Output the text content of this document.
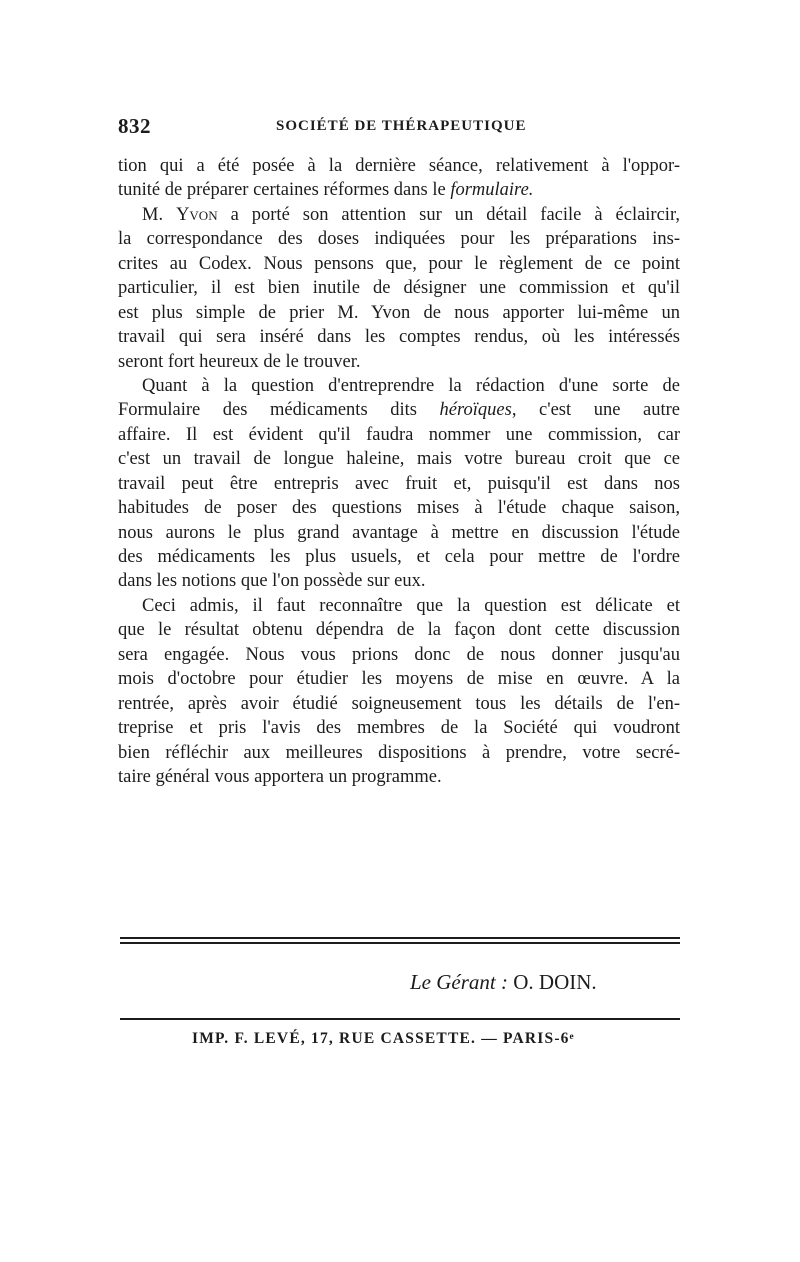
832	SOCIÉTÉ DE THÉRAPEUTIQUE
tion qui a été posée à la dernière séance, relativement à l'oppor-
tunité de préparer certaines réformes dans le formulaire.
M. Yvon a porté son attention sur un détail facile à éclaircir,
la correspondance des doses indiquées pour les préparations ins-
crites au Codex. Nous pensons que, pour le règlement de ce point
particulier, il est bien inutile de désigner une commission et qu'il
est plus simple de prier M. Yvon de nous apporter lui-même un
travail qui sera inséré dans les comptes rendus, où les intéressés
seront fort heureux de le trouver.
Quant à la question d'entreprendre la rédaction d'une sorte de
Formulaire des médicaments dits héroïques, c'est une autre
affaire. Il est évident qu'il faudra nommer une commission, car
c'est un travail de longue haleine, mais votre bureau croit que ce
travail peut être entrepris avec fruit et, puisqu'il est dans nos
habitudes de poser des questions mises à l'étude chaque saison,
nous aurons le plus grand avantage à mettre en discussion l'étude
des médicaments les plus usuels, et cela pour mettre de l'ordre
dans les notions que l'on possède sur eux.
Ceci admis, il faut reconnaître que la question est délicate et
que le résultat obtenu dépendra de la façon dont cette discussion
sera engagée. Nous vous prions donc de nous donner jusqu'au
mois d'octobre pour étudier les moyens de mise en œuvre. A la
rentrée, après avoir étudié soigneusement tous les détails de l'en-
treprise et pris l'avis des membres de la Société qui voudront
bien réfléchir aux meilleures dispositions à prendre, votre secré-
taire général vous apportera un programme.
Le Gérant : O. DOIN.
IMP. F. LEVÉ, 17, RUE CASSETTE. — PARIS-6ᵉ
